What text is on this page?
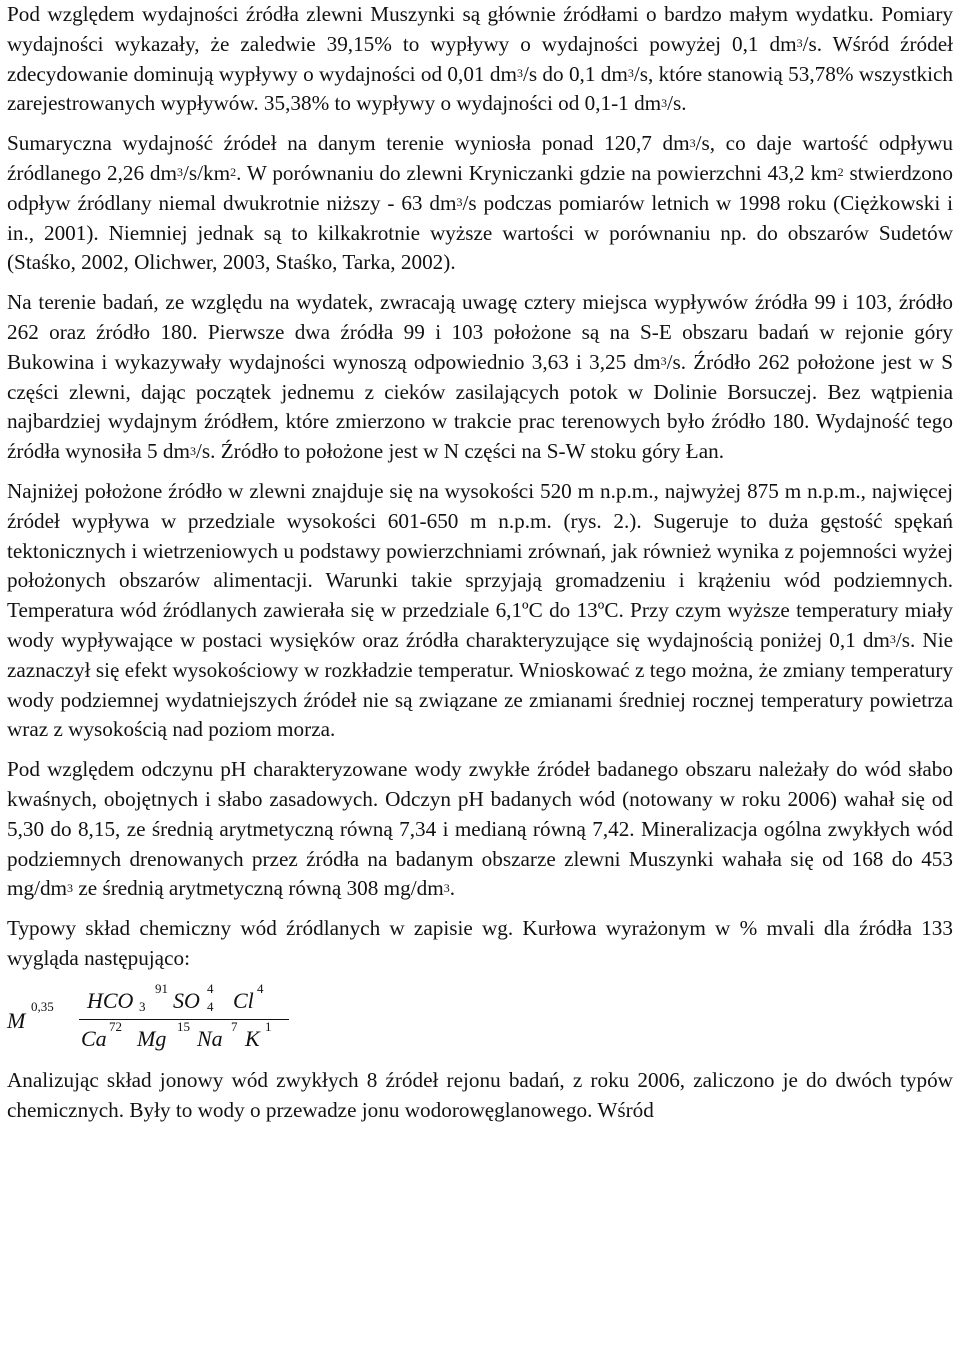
Pod względem wydajności źródła zlewni Muszynki są głównie źródłami o bardzo małym wydatku. Pomiary wydajności wykazały, że zaledwie 39,15% to wypływy o wydajności powyżej 0,1 $dm^3/s$. Wśród źródeł zdecydowanie dominują wypływy o wydajności od 0,01 $dm^3/s$ do 0,1 $dm^3/s$, które stanowią 53,78% wszystkich zarejestrowanych wypływów. 35,38% to wypływy o wydajności od 0,1-1 $dm^3/s$.

Sumaryczna wydajność źródeł na danym terenie wyniosła ponad 120,7 $dm^3/s$, co daje wartość odpływu źródlanego 2,26 $dm^3/s/km^2$. W porównaniu do zlewni Kryniczanki gdzie na powierzchni 43,2 $km^2$ stwierdzono odpływ źródlany niemal dwukrotnie niższy - 63 $dm^3/s$ podczas pomiarów letnich w 1998 roku (Ciężkowski i in., 2001). Niemniej jednak są to kilkakrotnie wyższe wartości w porównaniu np. do obszarów Sudetów (Staśko, 2002, Olichwer, 2003, Staśko, Tarka, 2002).

Na terenie badań, ze względu na wydatek, zwracają uwagę cztery miejsca wypływów źródła 99 i 103, źródło 262 oraz źródło 180. Pierwsze dwa źródła 99 i 103 położone są na S-E obszaru badań w rejonie góry Bukowina i wykazywały wydajności wynoszą odpowiednio 3,63 i 3,25 $dm^3/s$. Źródło 262 położone jest w S części zlewni, dając początek jednemu z cieków zasilających potok w Dolinie Borsuczej. Bez wątpienia najbardziej wydajnym źródłem, które zmierzono w trakcie prac terenowych było źródło 180. Wydajność tego źródła wynosiła 5 $dm^3/s$. Źródło to położone jest w N części na S-W stoku góry Łan.

Najniżej położone źródło w zlewni znajduje się na wysokości 520 m n.p.m., najwyżej 875 m n.p.m., najwięcej źródeł wypływa w przedziale wysokości 601-650 m n.p.m. (rys. 2.). Sugeruje to duża gęstość spękań tektonicznych i wietrzeniowych u podstawy powierzchniami zrównań, jak również wynika z pojemności wyżej położonych obszarów alimentacji. Warunki takie sprzyjają gromadzeniu i krążeniu wód podziemnych. Temperatura wód źródlanych zawierała się w przedziale 6,1ºC do 13ºC. Przy czym wyższe temperatury miały wody wypływające w postaci wysięków oraz źródła charakteryzujące się wydajnością poniżej 0,1 $dm^3/s$. Nie zaznaczył się efekt wysokościowy w rozkładzie temperatur. Wnioskować z tego można, że zmiany temperatury wody podziemnej wydatniejszych źródeł nie są związane ze zmianami średniej rocznej temperatury powietrza wraz z wysokością nad poziom morza.

Pod względem odczynu pH charakteryzowane wody zwykłe źródeł badanego obszaru należały do wód słabo kwaśnych, obojętnych i słabo zasadowych. Odczyn pH badanych wód (notowany w roku 2006) wahał się od 5,30 do 8,15, ze średnią arytmetyczną równą 7,34 i medianą równą 7,42. Mineralizacja ogólna zwykłych wód podziemnych drenowanych przez źródła na badanym obszarze zlewni Muszynki wahała się od 168 do 453 $mg/dm^3$ ze średnią arytmetyczną równą 308 $mg/dm^3$.

Typowy skład chemiczny wód źródlanych w zapisie wg. Kurłowa wyrażonym w % mvali dla źródła 133 wygląda następująco:

M
0,35 HCO 3
91 SO 4
4 Cl 4
Ca 72 Mg 15 Na 7 K 1

Analizując skład jonowy wód zwykłych 8 źródeł rejonu badań, z roku 2006, zaliczono je do dwóch typów chemicznych. Były to wody o przewadze jonu wodorowęglanowego. Wśród
